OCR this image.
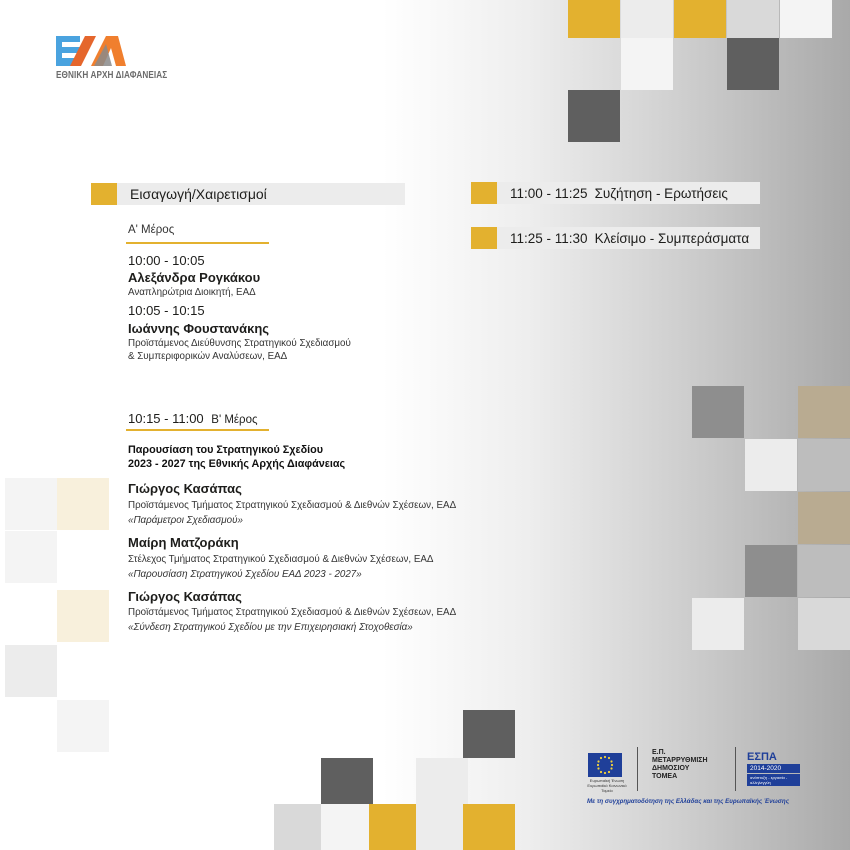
ΕΘΝΙΚΗ ΑΡΧΗ ΔΙΑΦΑΝΕΙΑΣ
Εισαγωγή/Χαιρετισμοί	11:00 - 11:25 Συζήτηση - Ερωτήσεις
11:25 - 11:30 Κλείσιμο - Συμπεράσματα
Α' Μέρος
10:00 - 10:05
Αλεξάνδρα Ρογκάκου
Αναπληρώτρια Διοικητή, ΕΑΔ
10:05 - 10:15
Ιωάννης Φουστανάκης
Προϊστάμενος Διεύθυνσης Στρατηγικού Σχεδιασμού
& Συμπεριφορικών Αναλύσεων, ΕΑΔ
10:15 - 11:00 Β' Μέρος
Παρουσίαση του Στρατηγικού Σχεδίου
2023 - 2027 της Εθνικής Αρχής Διαφάνειας
Γιώργος Κασάπας
Προϊστάμενος Τμήματος Στρατηγικού Σχεδιασμού & Διεθνών Σχέσεων, ΕΑΔ
«Παράμετροι Σχεδιασμού»
Μαίρη Ματζοράκη
Στέλεχος Τμήματος Στρατηγικού Σχεδιασμού & Διεθνών Σχέσεων, ΕΑΔ
«Παρουσίαση Στρατηγικού Σχεδίου ΕΑΔ 2023 - 2027»
Γιώργος Κασάπας
Προϊστάμενος Τμήματος Στρατηγικού Σχεδιασμού & Διεθνών Σχέσεων, ΕΑΔ
«Σύνδεση Στρατηγικού Σχεδίου με την Επιχειρησιακή Στοχοθεσία»
Ευρωπαϊκή Ένωση Ευρωπαϊκό Κοινωνικό Ταμείο
Ε.Π.
ΜΕΤΑΡΡΥΘΜΙΣΗ
ΔΗΜΟΣΙΟΥ
ΤΟΜΕΑ
ΕΣΠΑ
2014-2020
ανάπτυξη - εργασία - αλληλεγγύη
Με τη συγχρηματοδότηση της Ελλάδας και της Ευρωπαϊκής Ένωσης
